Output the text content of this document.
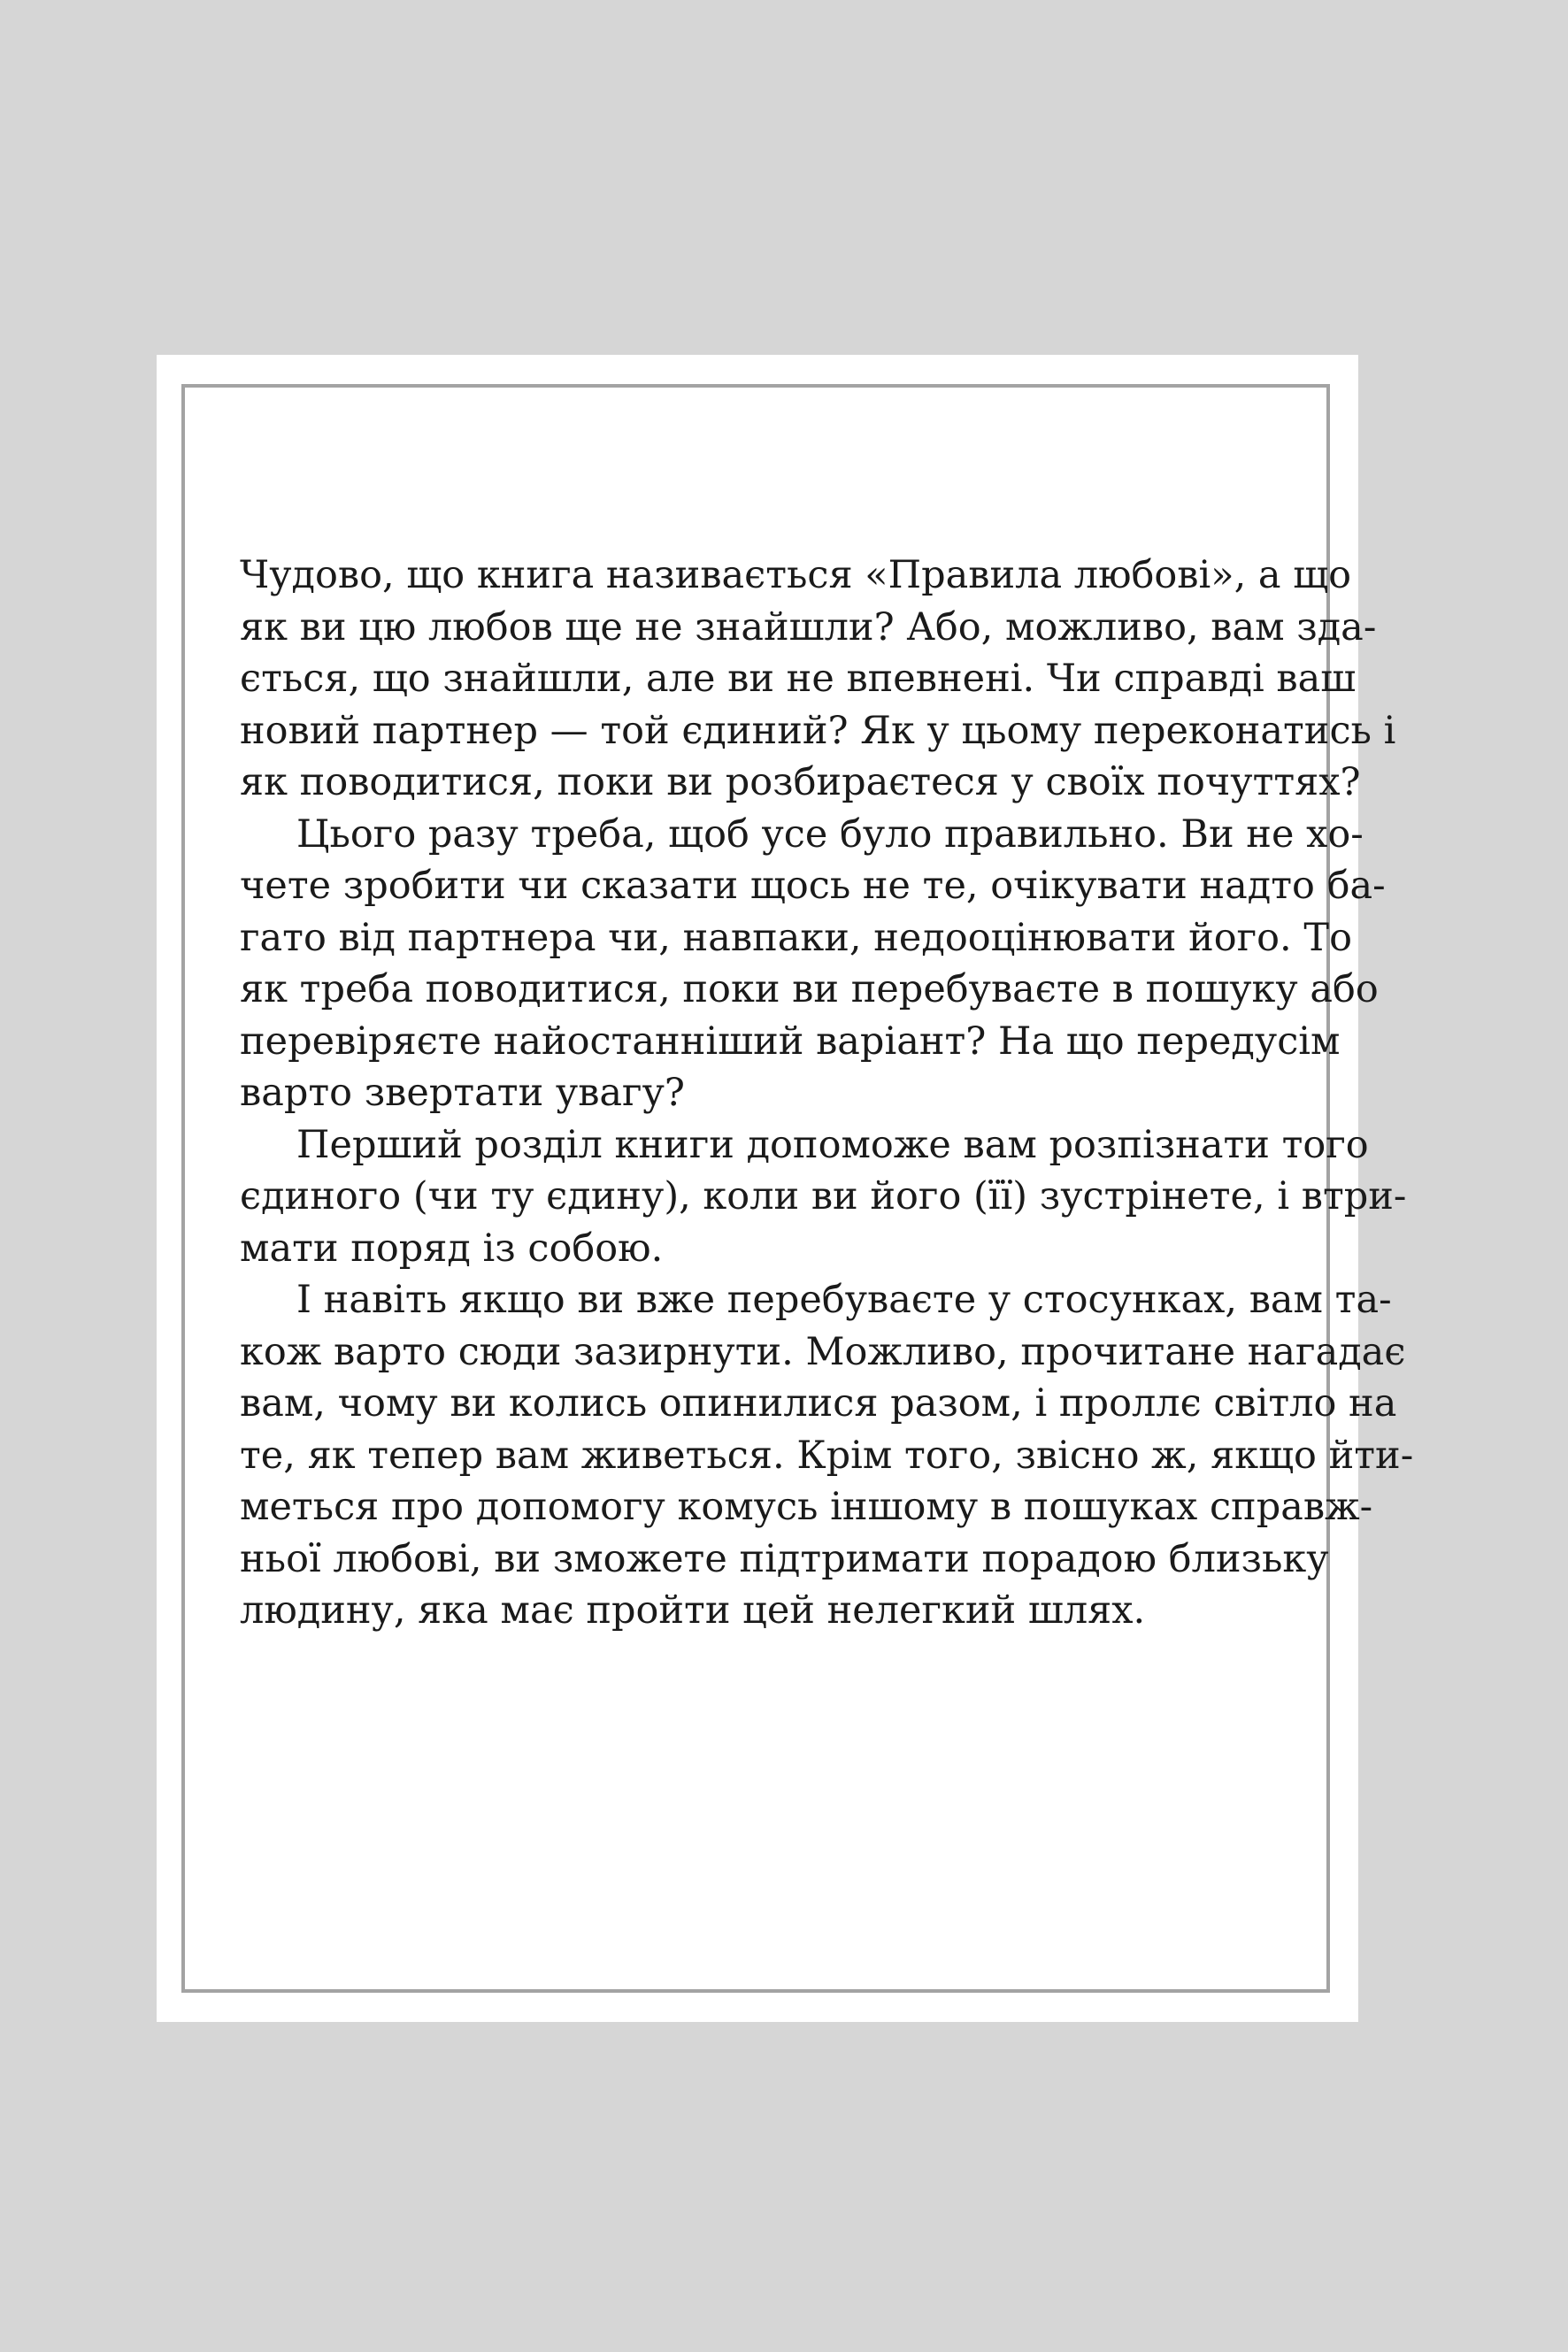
Чудово, що книга називається «Правила любові», а що
як ви цю любов ще не знайшли? Або, можливо, вам зда-
ється, що знайшли, але ви не впевнені. Чи справді ваш
новий партнер — той єдиний? Як у цьому переконатись і
як поводитися, поки ви розбираєтеся у своїх почуттях?
Цього разу треба, щоб усе було правильно. Ви не хо-
чете зробити чи сказати щось не те, очікувати надто ба-
гато від партнера чи, навпаки, недооцінювати його. То
як треба поводитися, поки ви перебуваєте в пошуку або
перевіряєте найостанніший варіант? На що передусім
варто звертати увагу?
Перший розділ книги допоможе вам розпізнати того
єдиного (чи ту єдину), коли ви його (її) зустрінете, і втри-
мати поряд із собою.
І навіть якщо ви вже перебуваєте у стосунках, вам та-
кож варто сюди зазирнути. Можливо, прочитане нагадає
вам, чому ви колись опинилися разом, і проллє світло на
те, як тепер вам живеться. Крім того, звісно ж, якщо йти-
меться про допомогу комусь іншому в пошуках справж-
ньої любові, ви зможете підтримати порадою близьку
людину, яка має пройти цей нелегкий шлях.
